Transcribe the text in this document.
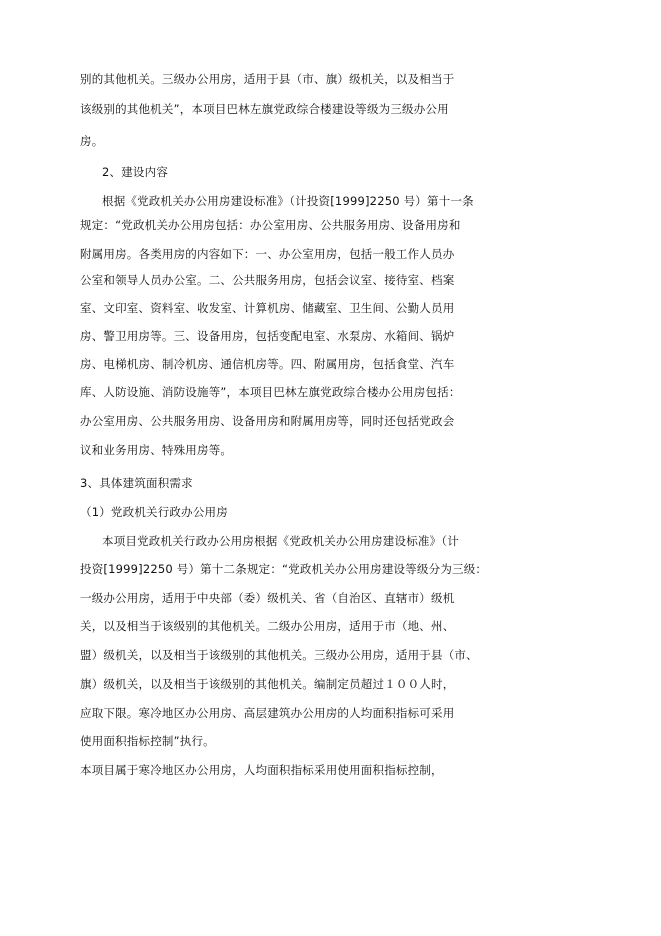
别的其他机关。三级办公用房，适用于县（市、旗）级机关，以及相当于
该级别的其他机关”，本项目巴林左旗党政综合楼建设等级为三级办公用
房。
2、建设内容
根据《党政机关办公用房建设标准》（计投资[1999]2250 号）第十一条
规定：“党政机关办公用房包括：办公室用房、公共服务用房、设备用房和
附属用房。各类用房的内容如下：一、办公室用房，包括一般工作人员办
公室和领导人员办公室。二、公共服务用房，包括会议室、接待室、档案
室、文印室、资料室、收发室、计算机房、储藏室、卫生间、公勤人员用
房、警卫用房等。三、设备用房，包括变配电室、水泵房、水箱间、锅炉
房、电梯机房、制冷机房、通信机房等。四、附属用房，包括食堂、汽车
库、人防设施、消防设施等”，本项目巴林左旗党政综合楼办公用房包括：
办公室用房、公共服务用房、设备用房和附属用房等，同时还包括党政会
议和业务用房、特殊用房等。
3、具体建筑面积需求
（1）党政机关行政办公用房
本项目党政机关行政办公用房根据《党政机关办公用房建设标准》（计
投资[1999]2250 号）第十二条规定：“党政机关办公用房建设等级分为三级：
一级办公用房，适用于中央部（委）级机关、省（自治区、直辖市）级机
关，以及相当于该级别的其他机关。二级办公用房，适用于市（地、州、
盟）级机关，以及相当于该级别的其他机关。三级办公用房，适用于县（市、
旗）级机关，以及相当于该级别的其他机关。编制定员超过１００人时，
应取下限。寒冷地区办公用房、高层建筑办公用房的人均面积指标可采用
使用面积指标控制”执行。
本项目属于寒冷地区办公用房，人均面积指标采用使用面积指标控制，
